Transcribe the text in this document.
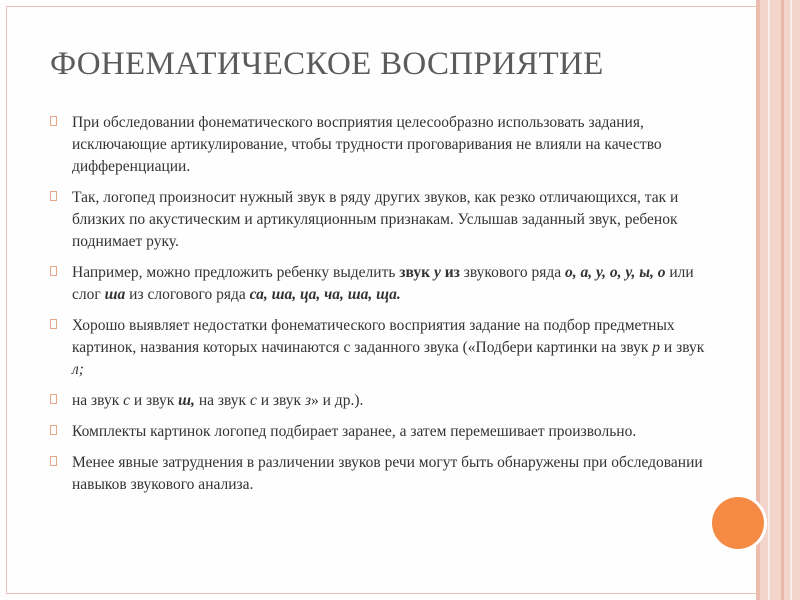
ФОНЕМАТИЧЕСКОЕ ВОСПРИЯТИЕ
При обследовании фонематического восприятия целесообразно использовать задания, исключающие артикулирование, чтобы трудности проговаривания не влияли на качество дифференциации.
Так, логопед произносит нужный звук в ряду других звуков, как резко отличающихся, так и близких по акустическим и артикуляционным признакам. Услышав заданный звук, ребенок поднимает руку.
Например, можно предложить ребенку выделить звук у из звукового ряда о, а, у, о, у, ы, о или слог ша из слогового ряда са, ша, ца, ча, ша, ща.
Хорошо выявляет недостатки фонематического восприятия задание на подбор предметных картинок, названия которых начинаются с заданного звука («Подбери картинки на звук р и звук л;
на звук с и звук ш, на звук с и звук з» и др.).
Комплекты картинок логопед подбирает заранее, а затем перемешивает произвольно.
Менее явные затруднения в различении звуков речи могут быть обнаружены при обследовании навыков звукового анализа.
